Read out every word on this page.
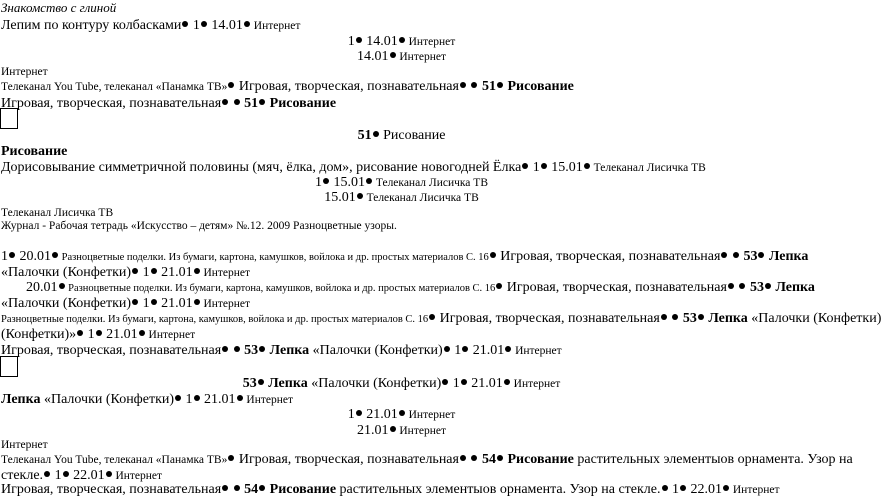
Знакомство с глиной
Лепим по контуру колбасками 1 14.01 Интернет
1 14.01 Интернет
14.01 Интернет
Интернет
Телеканал You Tube, телеканал «Панамка ТВ» Игровая, творческая, познавательная  51 Рисование
Игровая, творческая, познавательная  51 Рисование
51 Рисование
Рисование
Дорисовывание симметричной половины (мяч, ёлка, дом», рисование новогодней Ёлка 1 15.01 Телеканал Лисичка ТВ
1 15.01 Телеканал Лисичка ТВ
15.01 Телеканал Лисичка ТВ
Телеканал Лисичка ТВ
Журнал - Рабочая тетрадь «Искусство – детям» №.12. 2009 Разноцветные узоры.
1 20.01 Разноцветные поделки. Из бумаги, картона, камушков, войлока и др. простых материалов С. 16 Игровая, творческая, познавательная  53 Лепка
«Палочки (Конфетки) 1 21.01 Интернет
20.01 Разноцветные поделки. Из бумаги, картона, камушков, войлока и др. простых материалов С. 16 Игровая, творческая, познавательная  53 Лепка
«Палочки (Конфетки) 1 21.01 Интернет
Разноцветные поделки. Из бумаги, картона, камушков, войлока и др. простых материалов С. 16 Игровая, творческая, познавательная  53 Лепка «Палочки (Конфетки)
(Конфетки)» 1 21.01 Интернет
Игровая, творческая, познавательная  53 Лепка «Палочки (Конфетки) 1 21.01 Интернет
53 Лепка «Палочки (Конфетки) 1 21.01 Интернет
Лепка «Палочки (Конфетки) 1 21.01 Интернет
1 21.01 Интернет
21.01 Интернет
Интернет
Телеканал You Tube, телеканал «Панамка ТВ» Игровая, творческая, познавательная  54 Рисование растительных элементыов орнамента. Узор на
стекле. 1 22.01 Интернет
Игровая, творческая, познавательная  54 Рисование растительных элементыов орнамента. Узор на стекле. 1 22.01 Интернет
